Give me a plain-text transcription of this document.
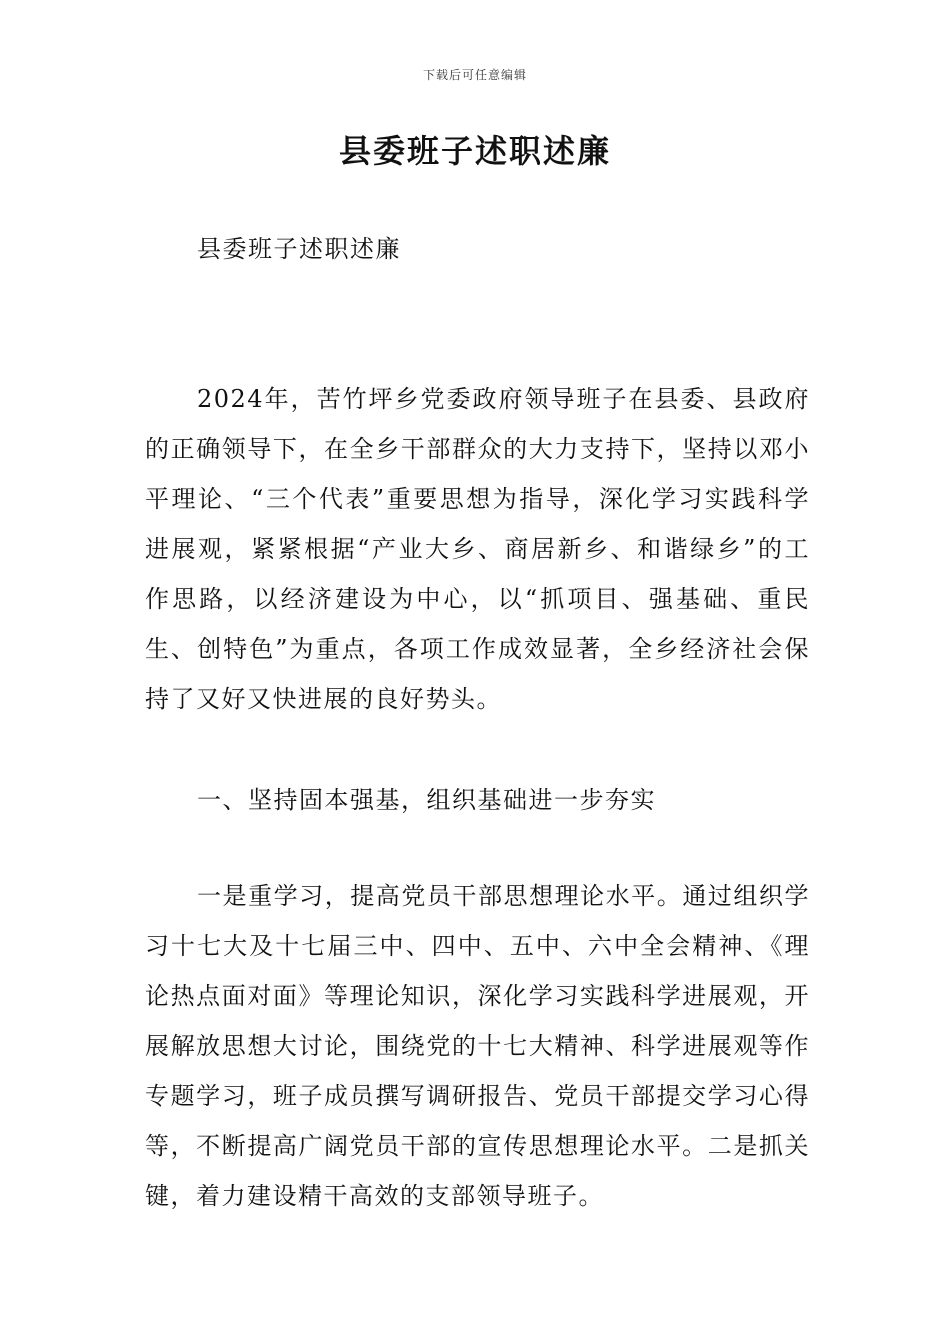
下载后可任意编辑
县委班子述职述廉

县委班子述职述廉

2024年，苦竹坪乡党委政府领导班子在县委、县政府的正确领导下，在全乡干部群众的大力支持下，坚持以邓小平理论、“三个代表”重要思想为指导，深化学习实践科学进展观，紧紧根据“产业大乡、商居新乡、和谐绿乡”的工作思路，以经济建设为中心，以“抓项目、强基础、重民生、创特色”为重点，各项工作成效显著，全乡经济社会保持了又好又快进展的良好势头。

一、坚持固本强基，组织基础进一步夯实

一是重学习，提高党员干部思想理论水平。通过组织学习十七大及十七届三中、四中、五中、六中全会精神、《理论热点面对面》等理论知识，深化学习实践科学进展观，开展解放思想大讨论，围绕党的十七大精神、科学进展观等作专题学习，班子成员撰写调研报告、党员干部提交学习心得等，不断提高广阔党员干部的宣传思想理论水平。二是抓关键，着力建设精干高效的支部领导班子。
